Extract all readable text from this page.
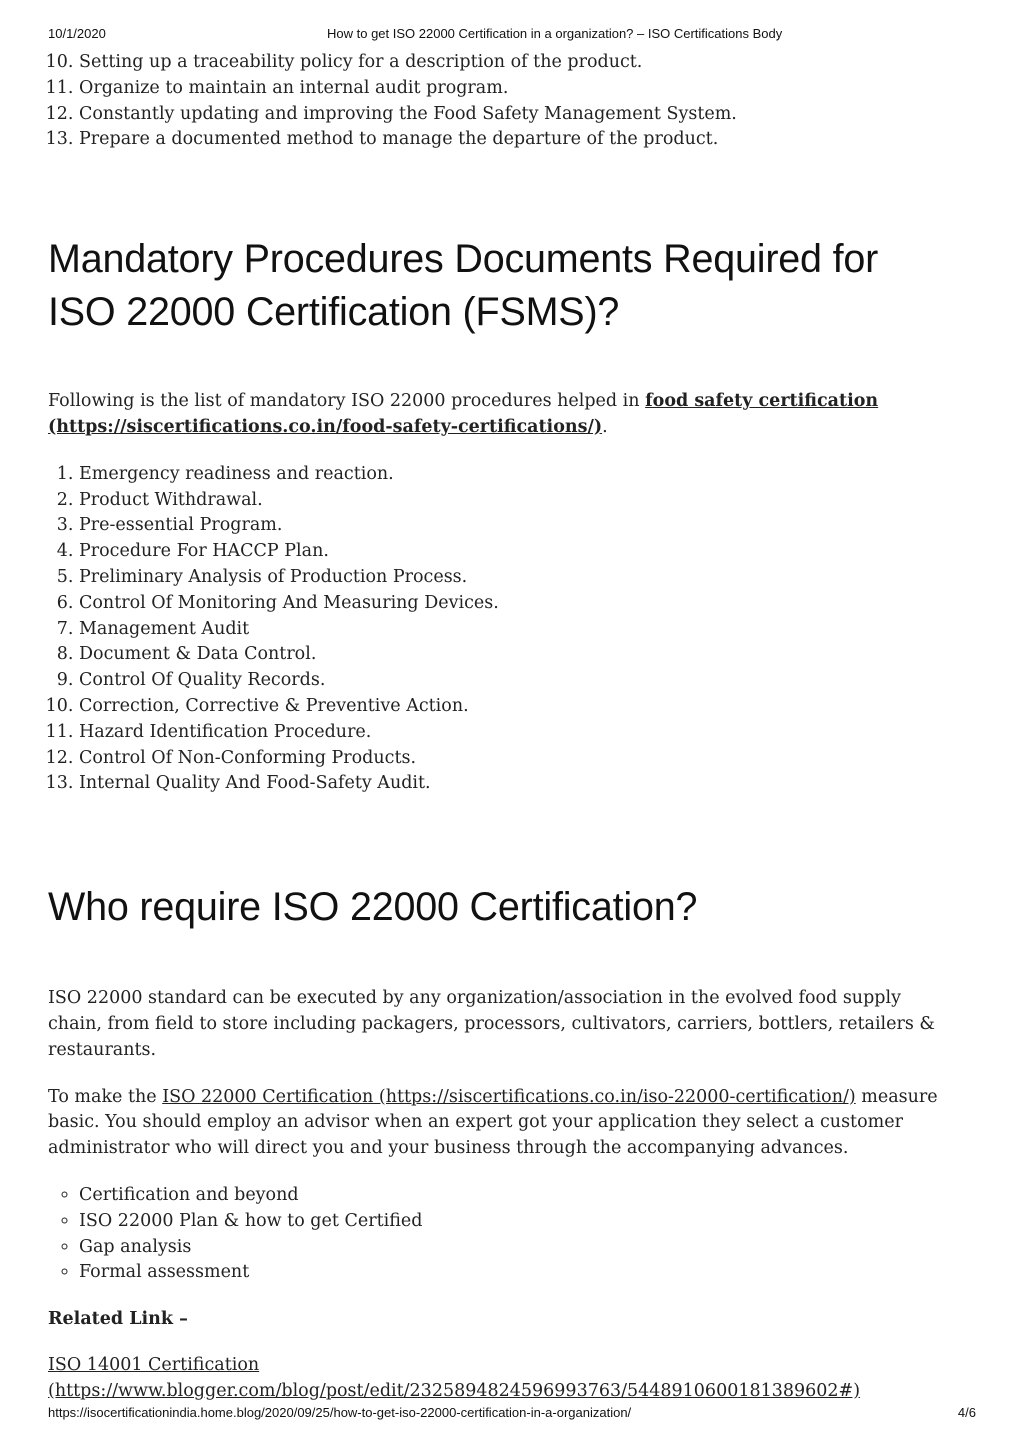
10/1/2020	How to get ISO 22000 Certification in a organization? – ISO Certifications Body
10. Setting up a traceability policy for a description of the product.
11. Organize to maintain an internal audit program.
12. Constantly updating and improving the Food Safety Management System.
13. Prepare a documented method to manage the departure of the product.
Mandatory Procedures Documents Required for ISO 22000 Certification (FSMS)?

Following is the list of mandatory ISO 22000 procedures helped in food safety certification (https://siscertifications.co.in/food-safety-certifications/).

1. Emergency readiness and reaction.
2. Product Withdrawal.
3. Pre-essential Program.
4. Procedure For HACCP Plan.
5. Preliminary Analysis of Production Process.
6. Control Of Monitoring And Measuring Devices.
7. Management Audit
8. Document & Data Control.
9. Control Of Quality Records.
10. Correction, Corrective & Preventive Action.
11. Hazard Identification Procedure.
12. Control Of Non-Conforming Products.
13. Internal Quality And Food-Safety Audit.
Who require ISO 22000 Certification?

ISO 22000 standard can be executed by any organization/association in the evolved food supply chain, from field to store including packagers, processors, cultivators, carriers, bottlers, retailers & restaurants.

To make the ISO 22000 Certification (https://siscertifications.co.in/iso-22000-certification/) measure basic. You should employ an advisor when an expert got your application they select a customer administrator who will direct you and your business through the accompanying advances.

◦ Certification and beyond
◦ ISO 22000 Plan & how to get Certified
◦ Gap analysis
◦ Formal assessment

Related Link –

ISO 14001 Certification (https://www.blogger.com/blog/post/edit/2325894824596993763/5448910600181389602#)

https://isocertificationindia.home.blog/2020/09/25/how-to-get-iso-22000-certification-in-a-organization/	4/6
